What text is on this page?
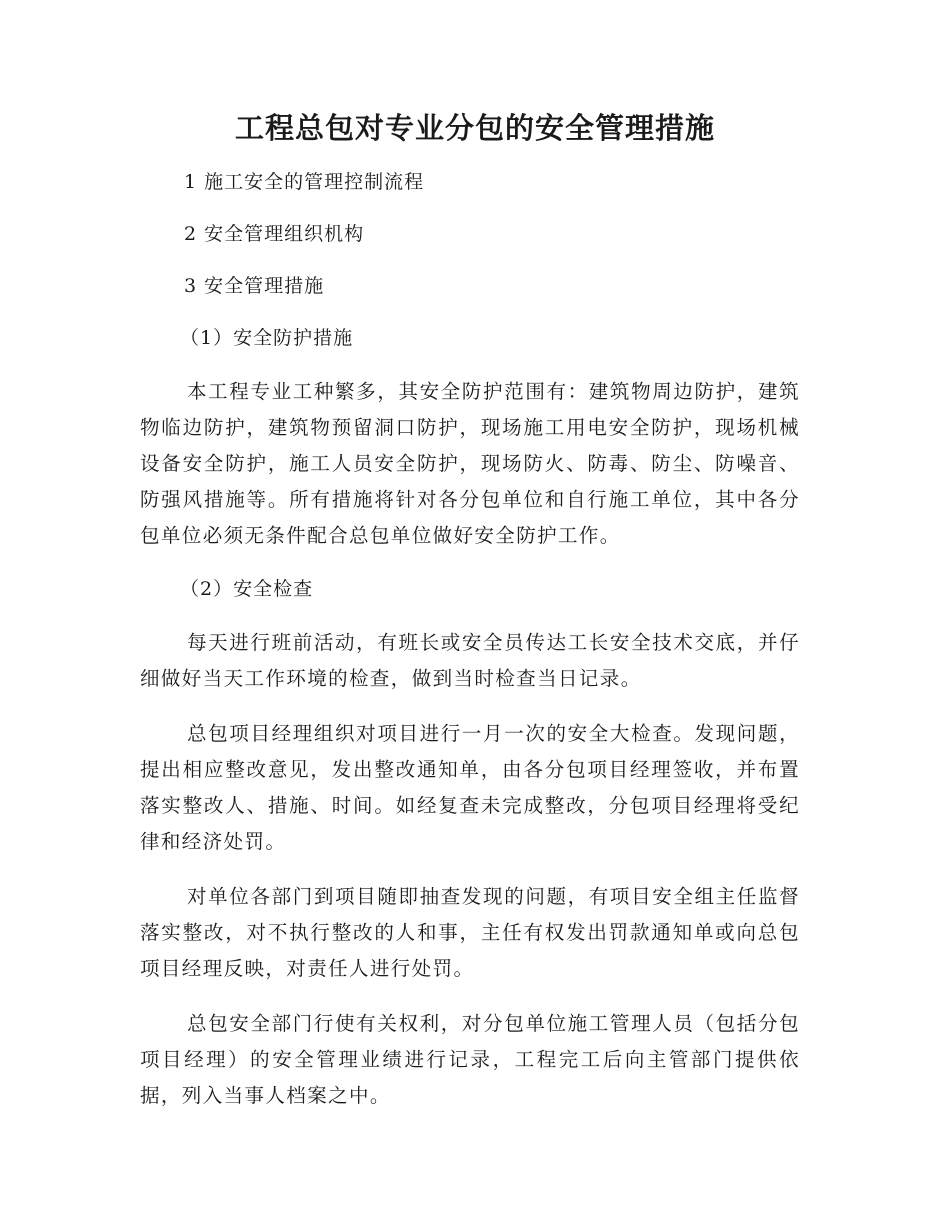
工程总包对专业分包的安全管理措施

1 施工安全的管理控制流程

2 安全管理组织机构

3 安全管理措施

（1）安全防护措施

本工程专业工种繁多，其安全防护范围有：建筑物周边防护，建筑物临边防护，建筑物预留洞口防护，现场施工用电安全防护，现场机械设备安全防护，施工人员安全防护，现场防火、防毒、防尘、防噪音、防强风措施等。所有措施将针对各分包单位和自行施工单位，其中各分包单位必须无条件配合总包单位做好安全防护工作。

（2）安全检查

每天进行班前活动，有班长或安全员传达工长安全技术交底，并仔细做好当天工作环境的检查，做到当时检查当日记录。

总包项目经理组织对项目进行一月一次的安全大检查。发现问题，提出相应整改意见，发出整改通知单，由各分包项目经理签收，并布置落实整改人、措施、时间。如经复查未完成整改，分包项目经理将受纪律和经济处罚。

对单位各部门到项目随即抽查发现的问题，有项目安全组主任监督落实整改，对不执行整改的人和事，主任有权发出罚款通知单或向总包项目经理反映，对责任人进行处罚。

总包安全部门行使有关权利，对分包单位施工管理人员（包括分包项目经理）的安全管理业绩进行记录，工程完工后向主管部门提供依据，列入当事人档案之中。
